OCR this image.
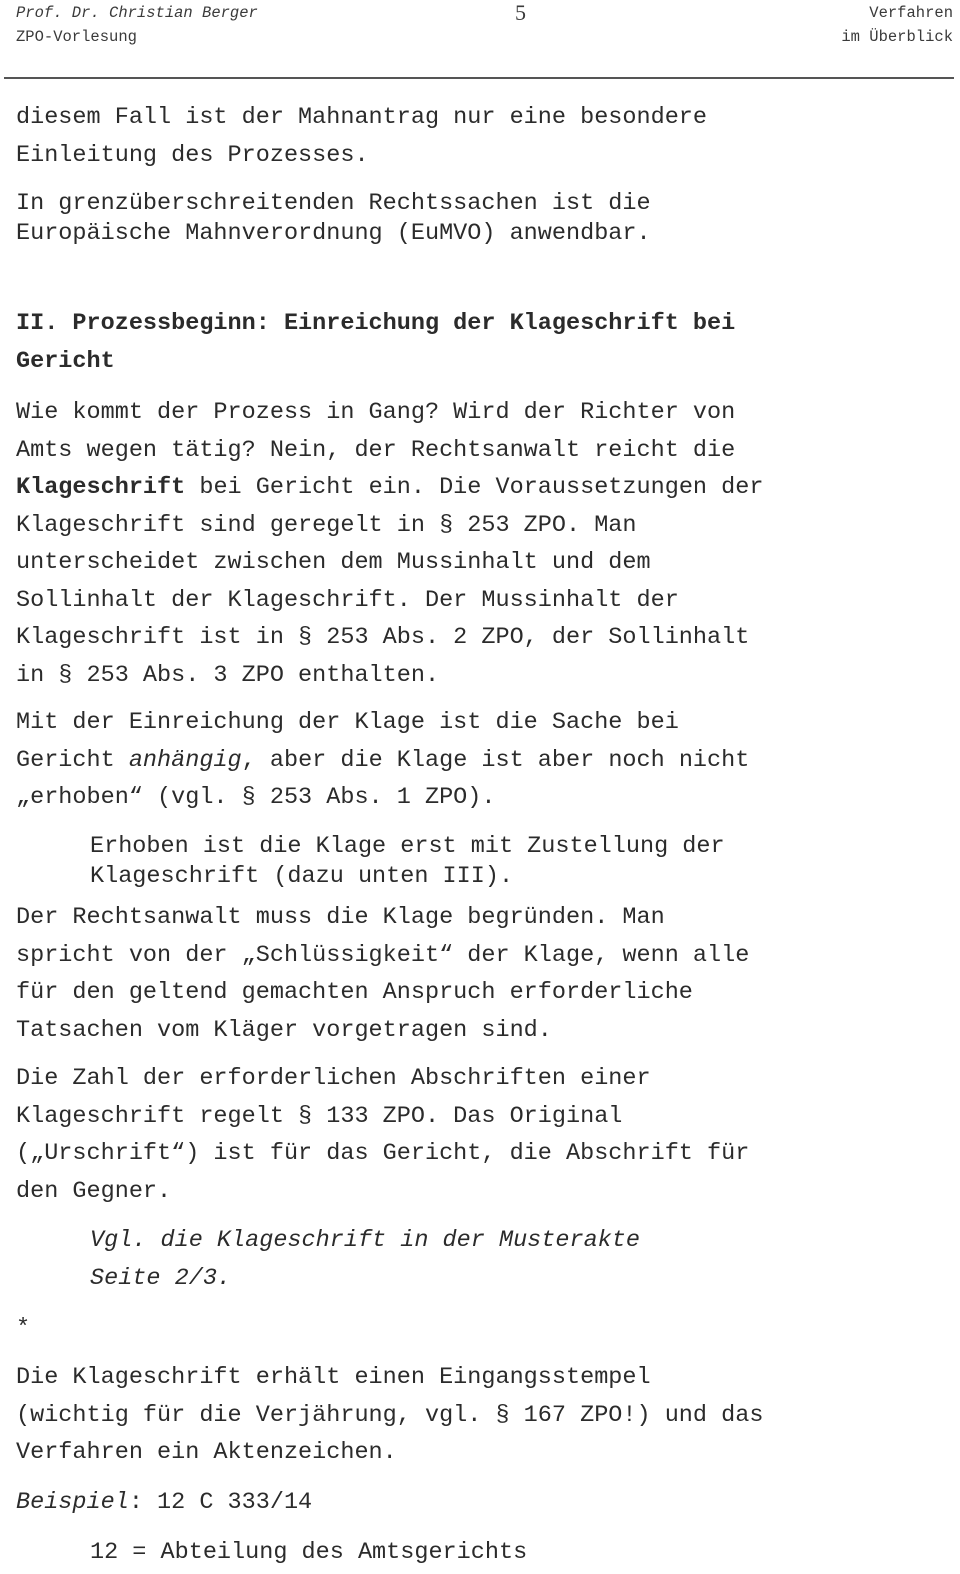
Prof. Dr. Christian Berger
ZPO-Vorlesung
5	Verfahren
im Überblick
diesem Fall ist der Mahnantrag nur eine besondere
Einleitung des Prozesses.
In grenzüberschreitenden Rechtssachen ist die
Europäische Mahnverordnung (EuMVO) anwendbar.
II. Prozessbeginn: Einreichung der Klageschrift bei
Gericht
Wie kommt der Prozess in Gang? Wird der Richter von
Amts wegen tätig? Nein, der Rechtsanwalt reicht die
Klageschrift bei Gericht ein. Die Voraussetzungen der
Klageschrift sind geregelt in § 253 ZPO. Man
unterscheidet zwischen dem Mussinhalt und dem
Sollinhalt der Klageschrift. Der Mussinhalt der
Klageschrift ist in § 253 Abs. 2 ZPO, der Sollinhalt
in § 253 Abs. 3 ZPO enthalten.
Mit der Einreichung der Klage ist die Sache bei
Gericht anhängig, aber die Klage ist aber noch nicht
„erhoben“ (vgl. § 253 Abs. 1 ZPO).
Erhoben ist die Klage erst mit Zustellung der
Klageschrift (dazu unten III).
Der Rechtsanwalt muss die Klage begründen. Man
spricht von der „Schlüssigkeit“ der Klage, wenn alle
für den geltend gemachten Anspruch erforderliche
Tatsachen vom Kläger vorgetragen sind.
Die Zahl der erforderlichen Abschriften einer
Klageschrift regelt § 133 ZPO. Das Original
(„Urschrift“) ist für das Gericht, die Abschrift für
den Gegner.
Vgl. die Klageschrift in der Musterakte
Seite 2/3.
*
Die Klageschrift erhält einen Eingangsstempel
(wichtig für die Verjährung, vgl. § 167 ZPO!) und das
Verfahren ein Aktenzeichen.
Beispiel: 12 C 333/14
12 = Abteilung des Amtsgerichts
